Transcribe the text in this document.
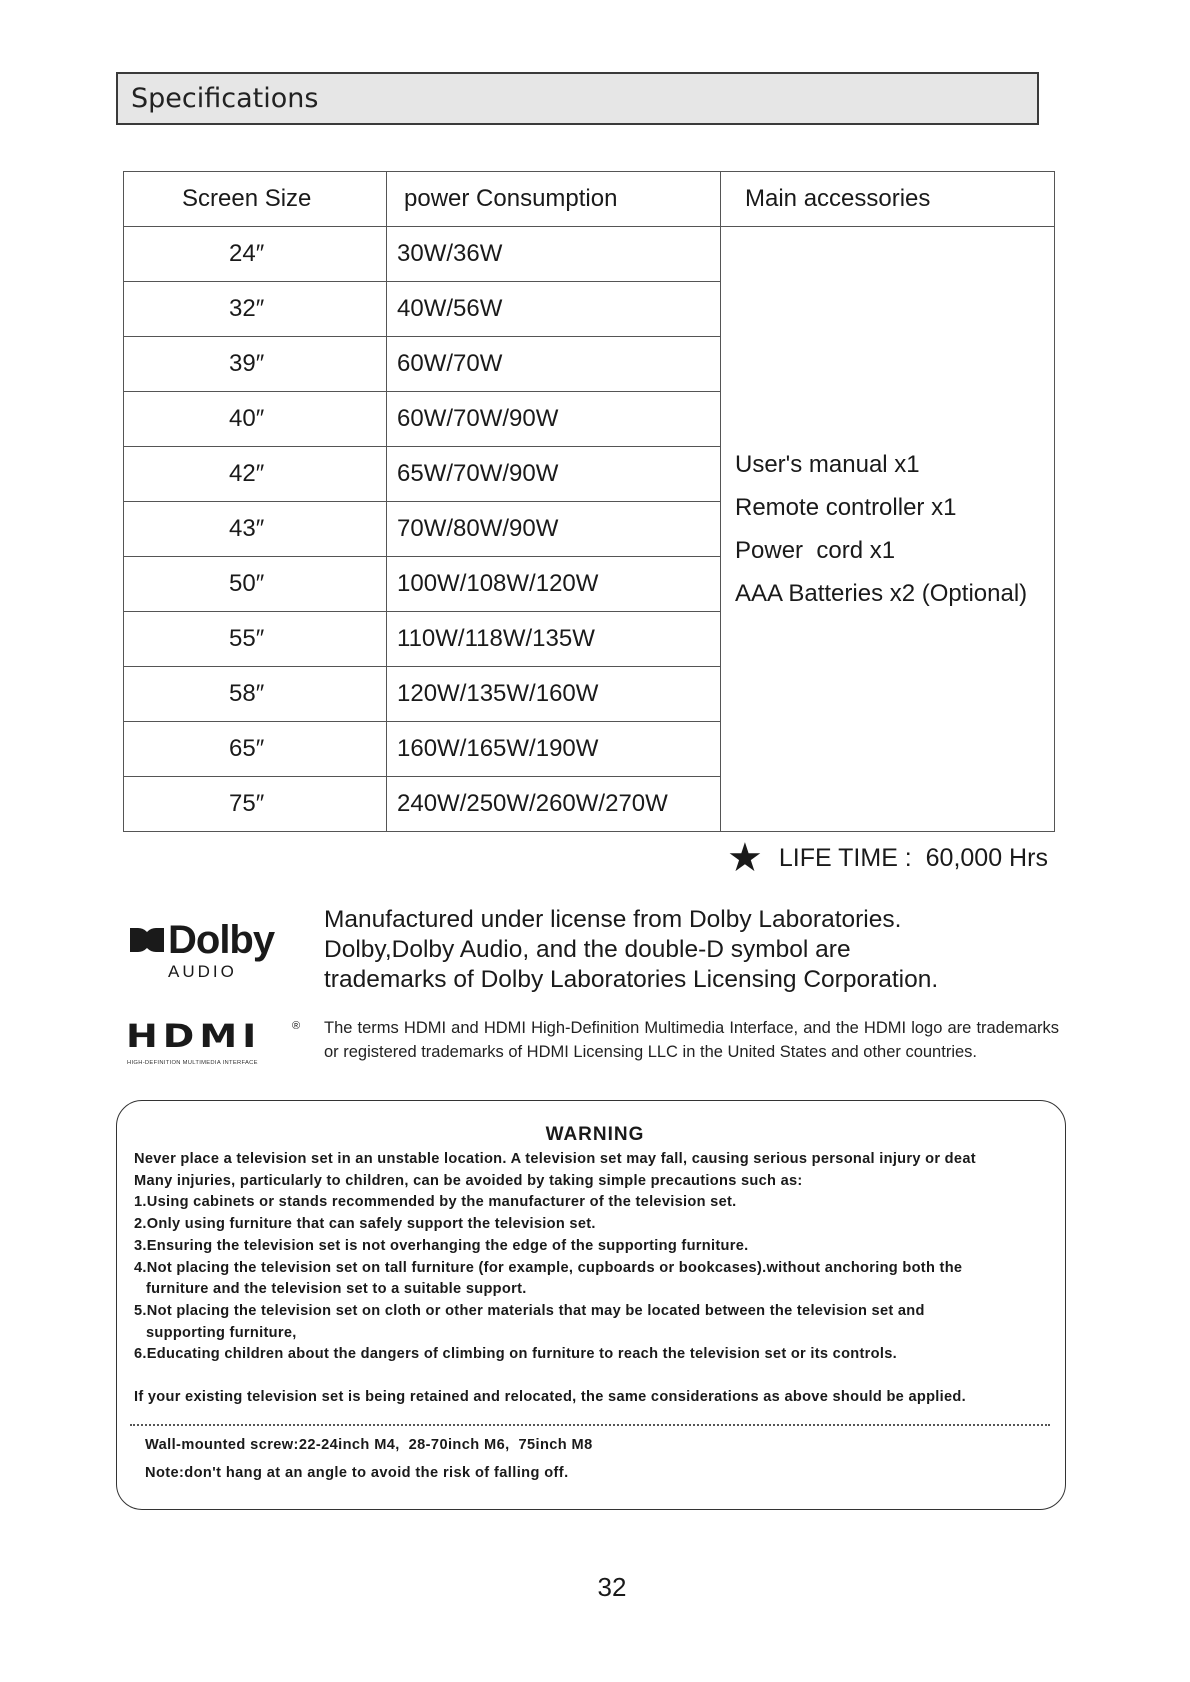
Specifications
Screen Size	power Consumption	Main accessories
24″	30W/36W	User's manual x1
Remote controller x1
Power  cord x1
AAA Batteries x2 (Optional)

32″	40W/56W	
39″	60W/70W	
40″	60W/70W/90W	
42″	65W/70W/90W	
43″	70W/80W/90W	
50″	100W/108W/120W	
55″	110W/118W/135W	
58″	120W/135W/160W	
65″	160W/165W/190W	
75″	240W/250W/260W/270W	
★ LIFE TIME :  60,000 Hrs
Dolby
AUDIO
Manufactured under license from Dolby Laboratories.
Dolby,Dolby Audio, and the double-D symbol are
trademarks of Dolby Laboratories Licensing Corporation.
HDMI	®
HIGH-DEFINITION MULTIMEDIA INTERFACE
The terms HDMI and HDMI High-Definition Multimedia Interface, and the HDMI logo are trademarks or registered trademarks of HDMI Licensing LLC in the United States and other countries.
WARNING
Never place a television set in an unstable location. A television set may fall, causing serious personal injury or deat
Many injuries, particularly to children, can be avoided by taking simple precautions such as:
1.Using cabinets or stands recommended by the manufacturer of the television set.
2.Only using furniture that can safely support the television set.
3.Ensuring the television set is not overhanging the edge of the supporting furniture.
4.Not placing the television set on tall furniture (for example, cupboards or bookcases).without anchoring both the
furniture and the television set to a suitable support.
5.Not placing the television set on cloth or other materials that may be located between the television set and
supporting furniture,
6.Educating children about the dangers of climbing on furniture to reach the television set or its controls.
If your existing television set is being retained and relocated, the same considerations as above should be applied.
Wall-mounted screw:22-24inch M4,  28-70inch M6,  75inch M8
Note:don't hang at an angle to avoid the risk of falling off.
32
